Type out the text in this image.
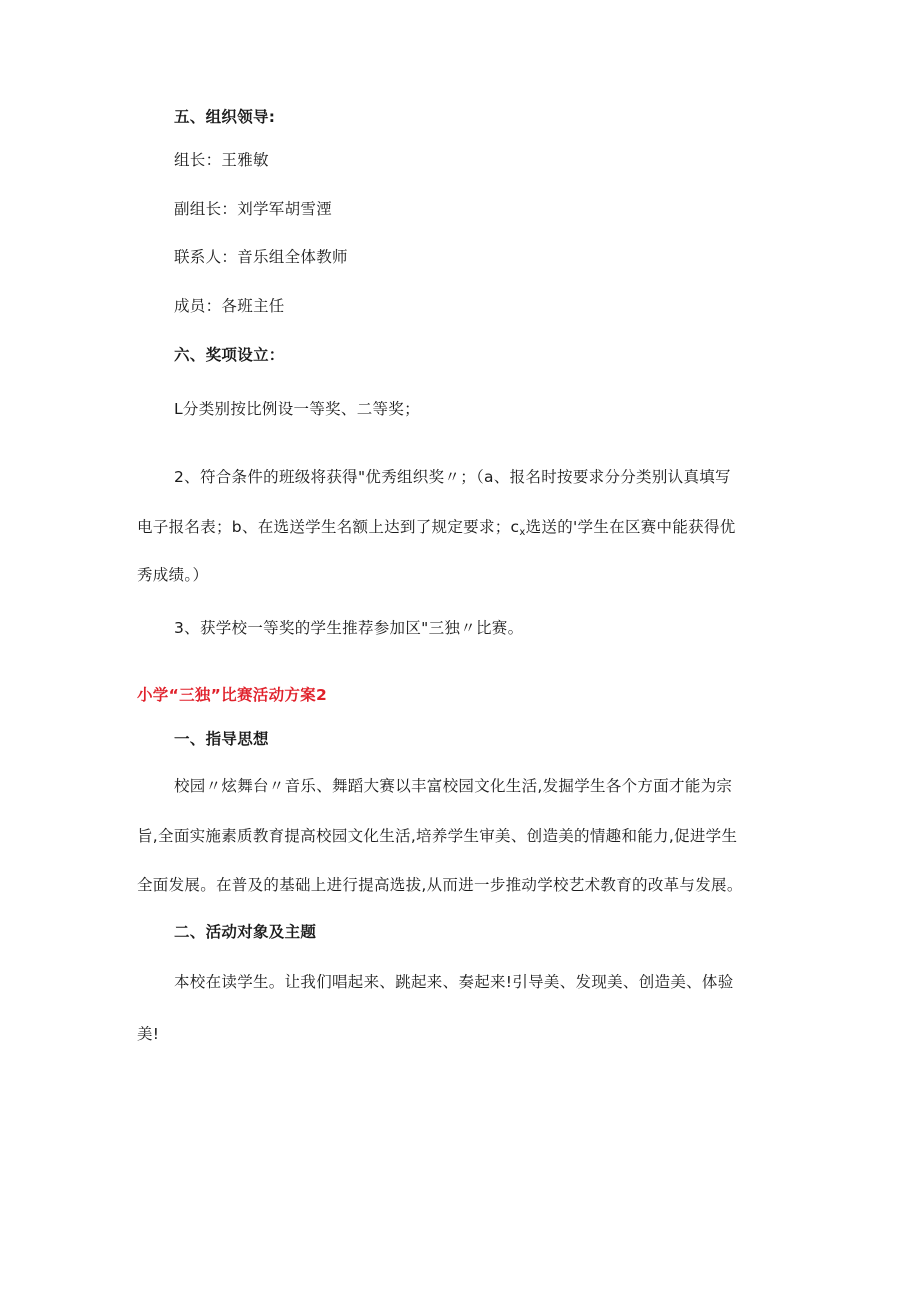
五、组织领导:
组长：王雅敏
副组长：刘学军胡雪湮
联系人：音乐组全体教师
成员：各班主任
六、奖项设立：
L分类别按比例设一等奖、二等奖；
2、符合条件的班级将获得"优秀组织奖〃；（a、报名时按要求分分类别认真填写
电子报名表；b、在选送学生名额上达到了规定要求；$c_x$选送的'学生在区赛中能获得优
秀成绩。）
3、获学校一等奖的学生推荐参加区"三独〃比赛。
小学“三独”比赛活动方案2
一、指导思想
校园〃炫舞台〃音乐、舞蹈大赛以丰富校园文化生活,发掘学生各个方面才能为宗
旨,全面实施素质教育提高校园文化生活,培养学生审美、创造美的情趣和能力,促进学生
全面发展。在普及的基础上进行提高选拔,从而进一步推动学校艺术教育的改革与发展。
二、活动对象及主题
本校在读学生。让我们唱起来、跳起来、奏起来!引导美、发现美、创造美、体验
美!
